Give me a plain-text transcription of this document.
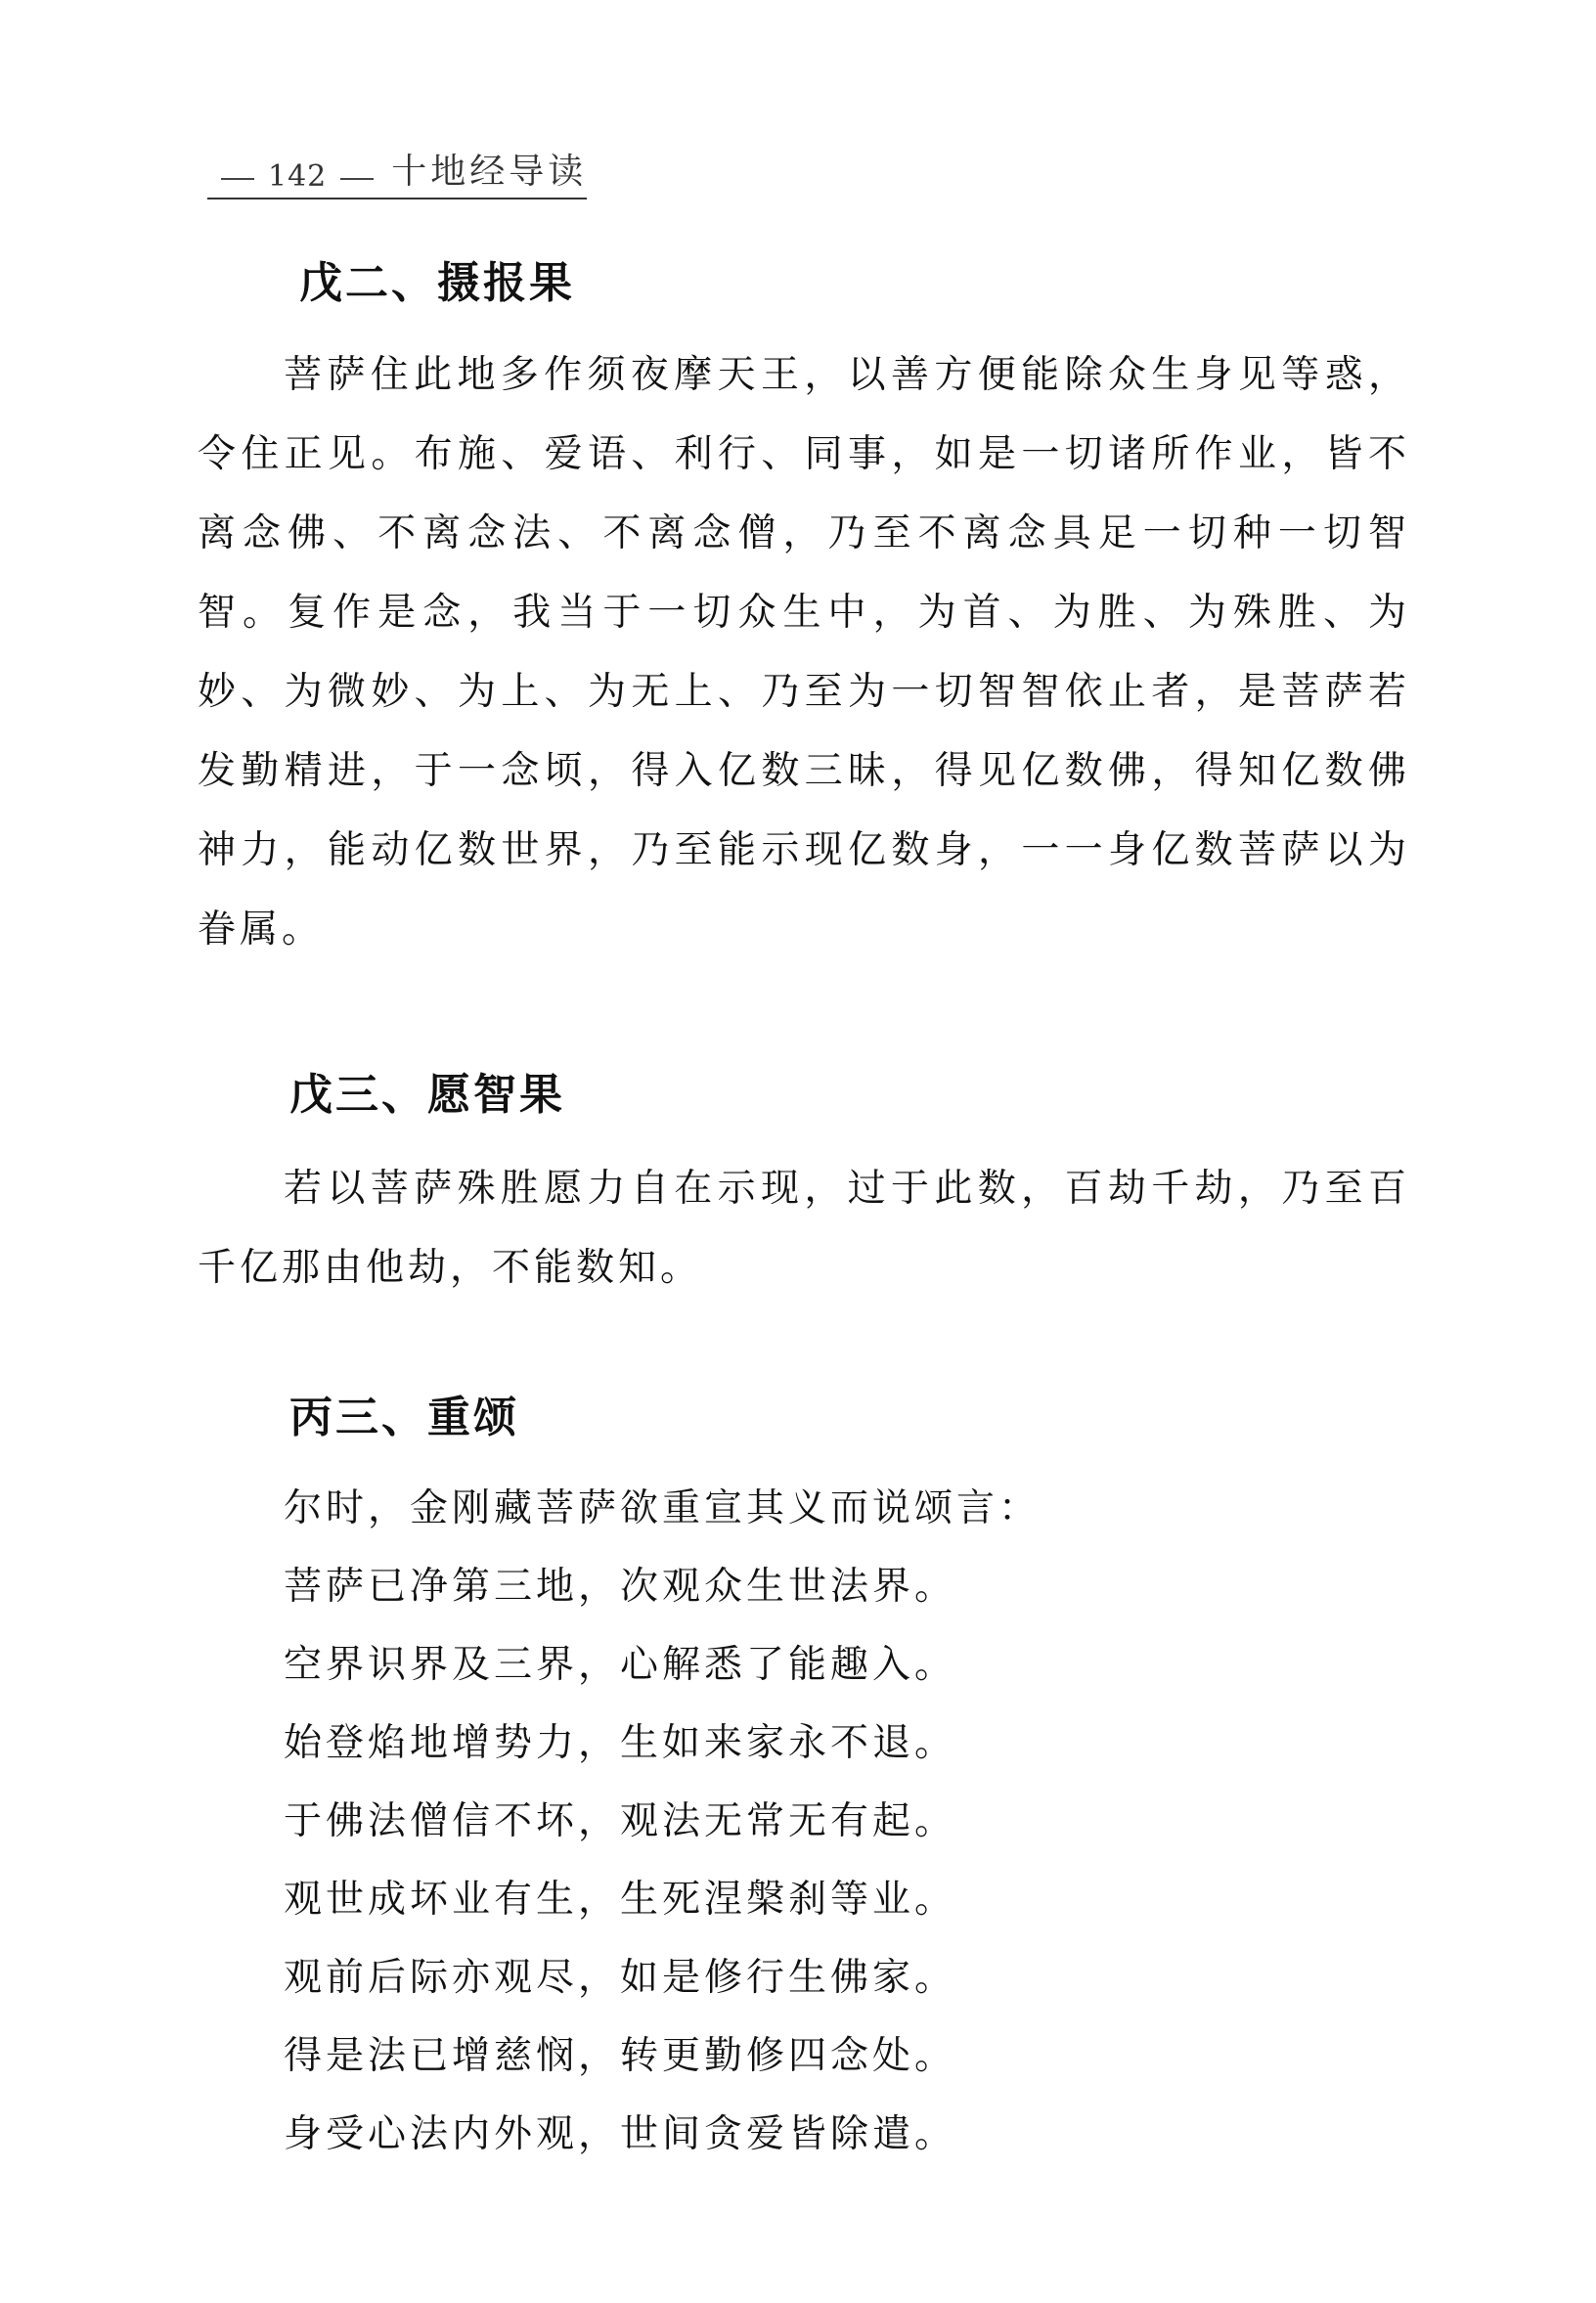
142 十地经导读
戊二、摄报果

菩萨住此地多作须夜摩天王，以善方便能除众生身见等惑，令住正见。布施、爱语、利行、同事，如是一切诸所作业，皆不离念佛、不离念法、不离念僧，乃至不离念具足一切种一切智智。复作是念，我当于一切众生中，为首、为胜、为殊胜、为妙、为微妙、为上、为无上、乃至为一切智智依止者，是菩萨若发勤精进，于一念顷，得入亿数三昧，得见亿数佛，得知亿数佛神力，能动亿数世界，乃至能示现亿数身，一一身亿数菩萨以为眷属。

戊三、愿智果

若以菩萨殊胜愿力自在示现，过于此数，百劫千劫，乃至百千亿那由他劫，不能数知。

丙三、重颂

尔时，金刚藏菩萨欲重宣其义而说颂言：

菩萨已净第三地，次观众生世法界。

空界识界及三界，心解悉了能趣入。

始登焰地增势力，生如来家永不退。

于佛法僧信不坏，观法无常无有起。

观世成坏业有生，生死涅槃刹等业。

观前后际亦观尽，如是修行生佛家。

得是法已增慈悯，转更勤修四念处。

身受心法内外观，世间贪爱皆除遣。
